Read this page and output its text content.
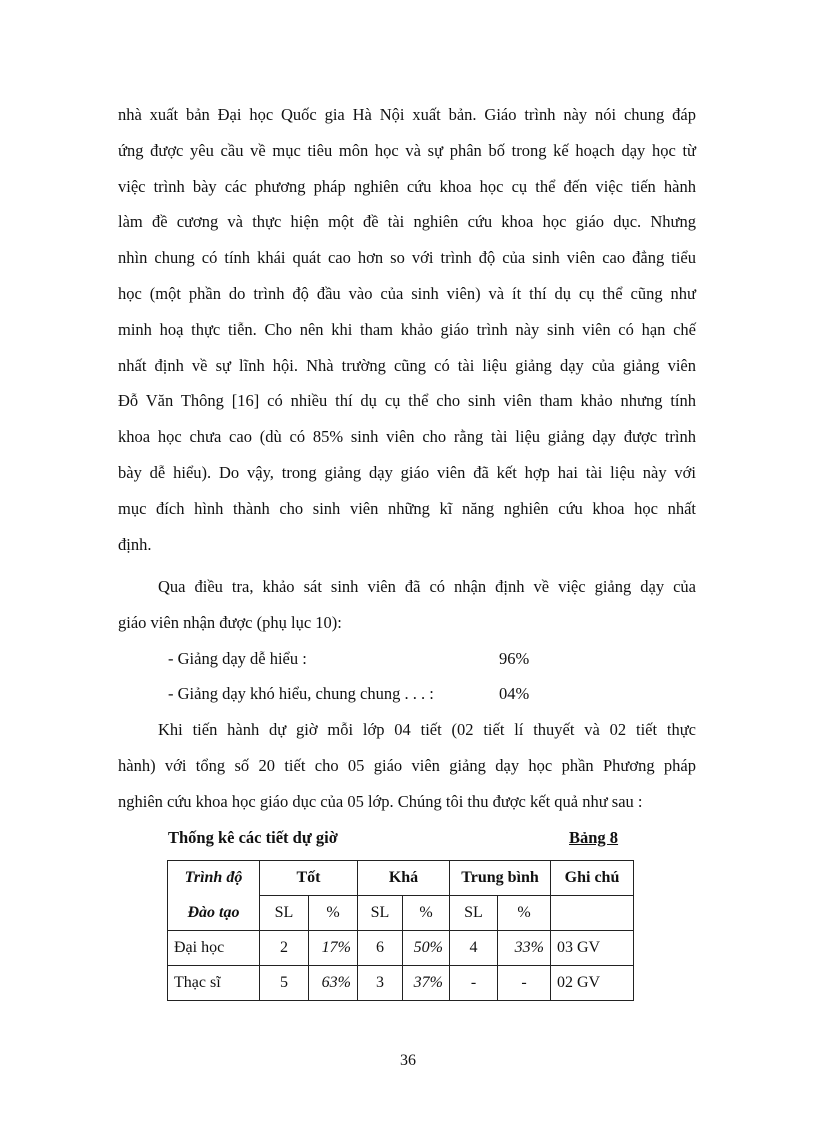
nhà xuất bản Đại học Quốc gia Hà Nội xuất bản. Giáo trình này nói chung đáp
ứng được yêu cầu về mục tiêu môn học và sự phân bố trong kế hoạch dạy học từ
việc trình bày các phương pháp nghiên cứu khoa học cụ thể đến việc tiến hành
làm đề cương và thực hiện một đề tài nghiên cứu khoa học giáo dục. Nhưng
nhìn chung có tính khái quát cao hơn so với trình độ của sinh viên cao đẳng tiểu
học (một phần do trình độ đầu vào của sinh viên) và ít thí dụ cụ thể cũng như
minh hoạ thực tiễn. Cho nên khi tham khảo giáo trình này sinh viên có hạn chế
nhất định về sự lĩnh hội. Nhà trường cũng có tài liệu giảng dạy của giảng viên
Đỗ Văn Thông [16] có nhiều thí dụ cụ thể cho sinh viên tham khảo nhưng tính
khoa học chưa cao (dù có 85% sinh viên cho rằng tài liệu giảng dạy được trình
bày dễ hiểu). Do vậy, trong giảng dạy giáo viên đã kết hợp hai tài liệu này với
mục đích hình thành cho sinh viên những kĩ năng nghiên cứu khoa học nhất
định.
Qua điều tra, khảo sát sinh viên đã có nhận định về việc giảng dạy của
giáo viên nhận được (phụ lục 10):
- Giảng dạy dễ hiểu :	96%
- Giảng dạy khó hiểu, chung chung . . . :	04%
Khi tiến hành dự giờ mỗi lớp 04 tiết (02 tiết lí thuyết và 02 tiết thực
hành) với tổng số 20 tiết cho 05 giáo viên giảng dạy học phần Phương pháp
nghiên cứu khoa học giáo dục của 05 lớp. Chúng tôi thu được kết quả như sau :
Thống kê các tiết dự giờ	Bảng 8
Trình độ	Tốt		Khá		Trung bình		Ghi chú
Đào tạo	SL	%	SL	%	SL	%	
Đại học	2	17%	6	50%	4	33%	03 GV
Thạc sĩ	5	63%	3	37%	-	-	02 GV
36
